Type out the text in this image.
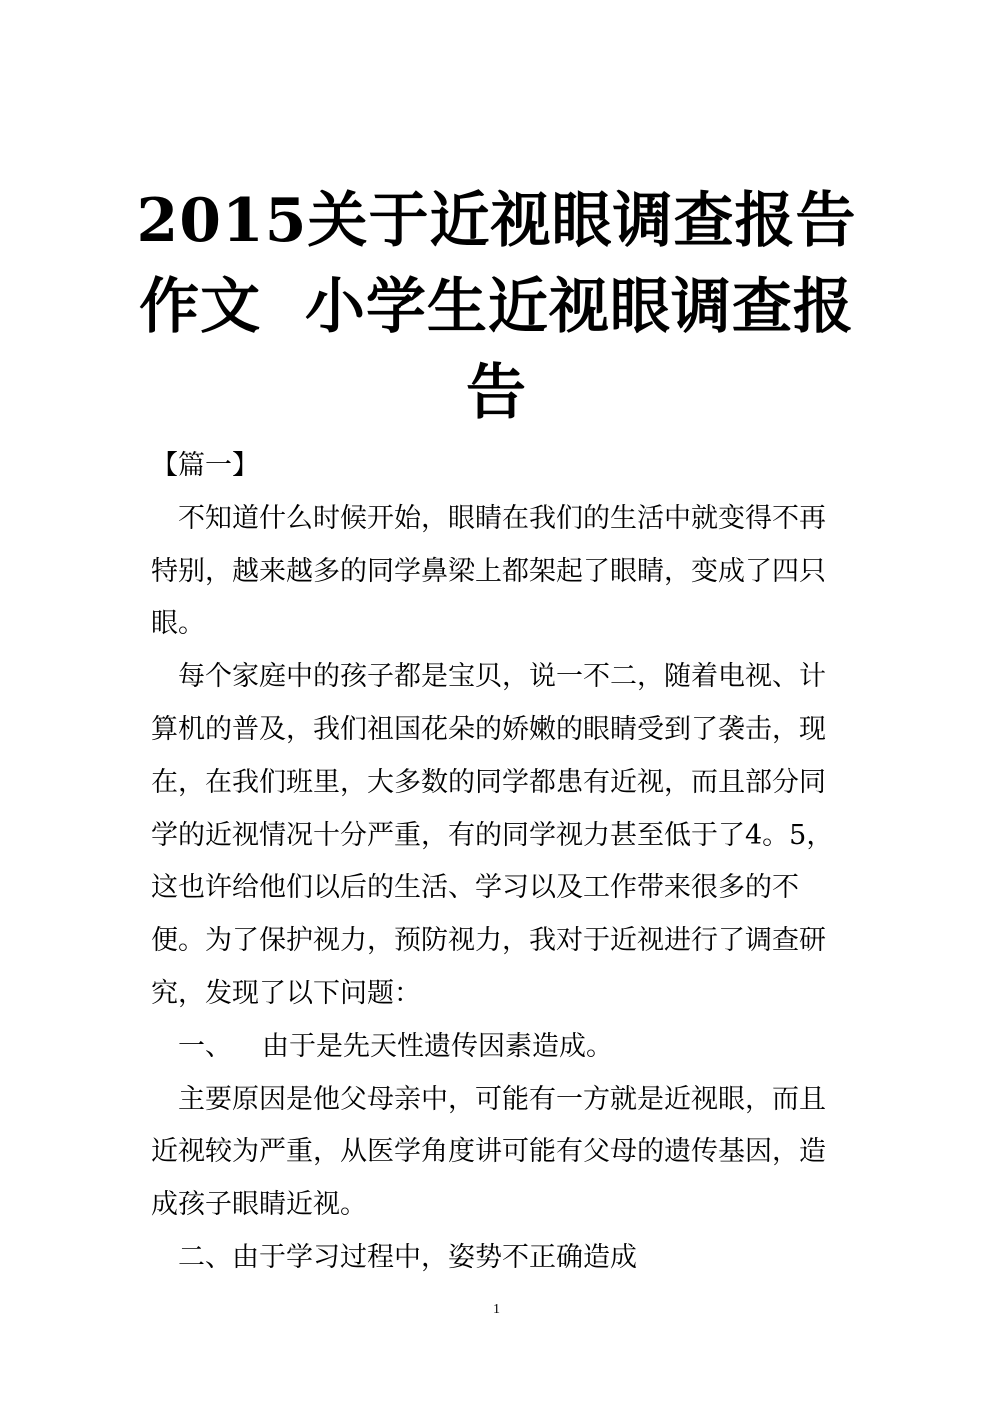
2015关于近视眼调查报告
作文  小学生近视眼调查报
告

【篇一】

不知道什么时候开始，眼睛在我们的生活中就变得不再特别，越来越多的同学鼻梁上都架起了眼睛，变成了四只眼。

每个家庭中的孩子都是宝贝，说一不二，随着电视、计算机的普及，我们祖国花朵的娇嫩的眼睛受到了袭击，现在，在我们班里，大多数的同学都患有近视，而且部分同学的近视情况十分严重，有的同学视力甚至低于了4。5，这也许给他们以后的生活、学习以及工作带来很多的不便。为了保护视力，预防视力，我对于近视进行了调查研究，发现了以下问题：

一、 由于是先天性遗传因素造成。

主要原因是他父母亲中，可能有一方就是近视眼，而且近视较为严重，从医学角度讲可能有父母的遗传基因，造成孩子眼睛近视。

二、由于学习过程中，姿势不正确造成

1
